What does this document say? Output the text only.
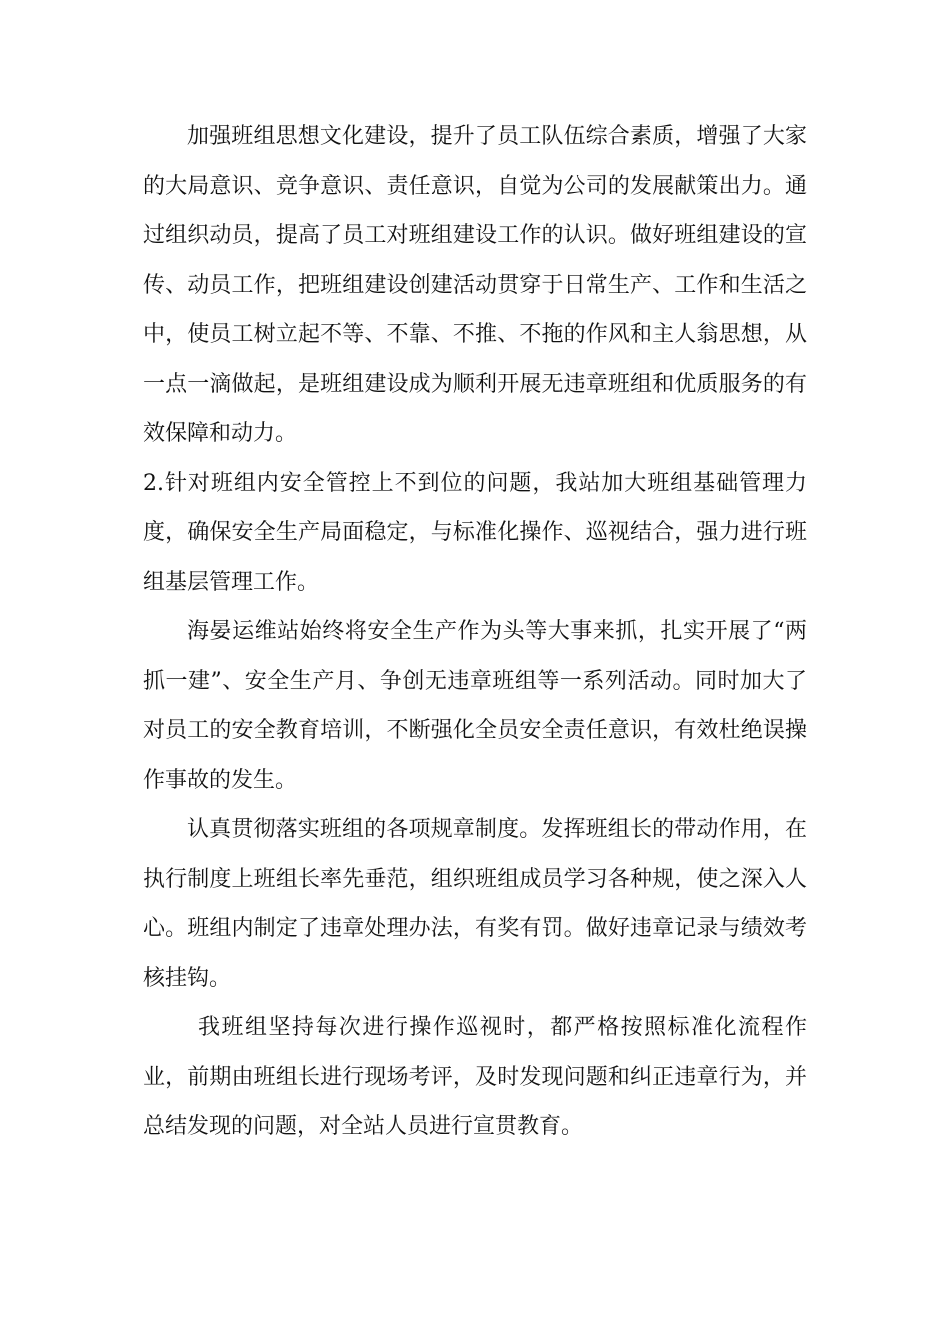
加强班组思想文化建设，提升了员工队伍综合素质，增强了大家的大局意识、竞争意识、责任意识，自觉为公司的发展献策出力。通过组织动员，提高了员工对班组建设工作的认识。做好班组建设的宣传、动员工作，把班组建设创建活动贯穿于日常生产、工作和生活之中，使员工树立起不等、不靠、不推、不拖的作风和主人翁思想，从一点一滴做起，是班组建设成为顺利开展无违章班组和优质服务的有效保障和动力。

2.针对班组内安全管控上不到位的问题，我站加大班组基础管理力度，确保安全生产局面稳定，与标准化操作、巡视结合，强力进行班组基层管理工作。

海晏运维站始终将安全生产作为头等大事来抓，扎实开展了“两抓一建”、安全生产月、争创无违章班组等一系列活动。同时加大了对员工的安全教育培训，不断强化全员安全责任意识，有效杜绝误操作事故的发生。

认真贯彻落实班组的各项规章制度。发挥班组长的带动作用，在执行制度上班组长率先垂范，组织班组成员学习各种规，使之深入人心。班组内制定了违章处理办法，有奖有罚。做好违章记录与绩效考核挂钩。

我班组坚持每次进行操作巡视时，都严格按照标准化流程作业，前期由班组长进行现场考评，及时发现问题和纠正违章行为，并总结发现的问题，对全站人员进行宣贯教育。
